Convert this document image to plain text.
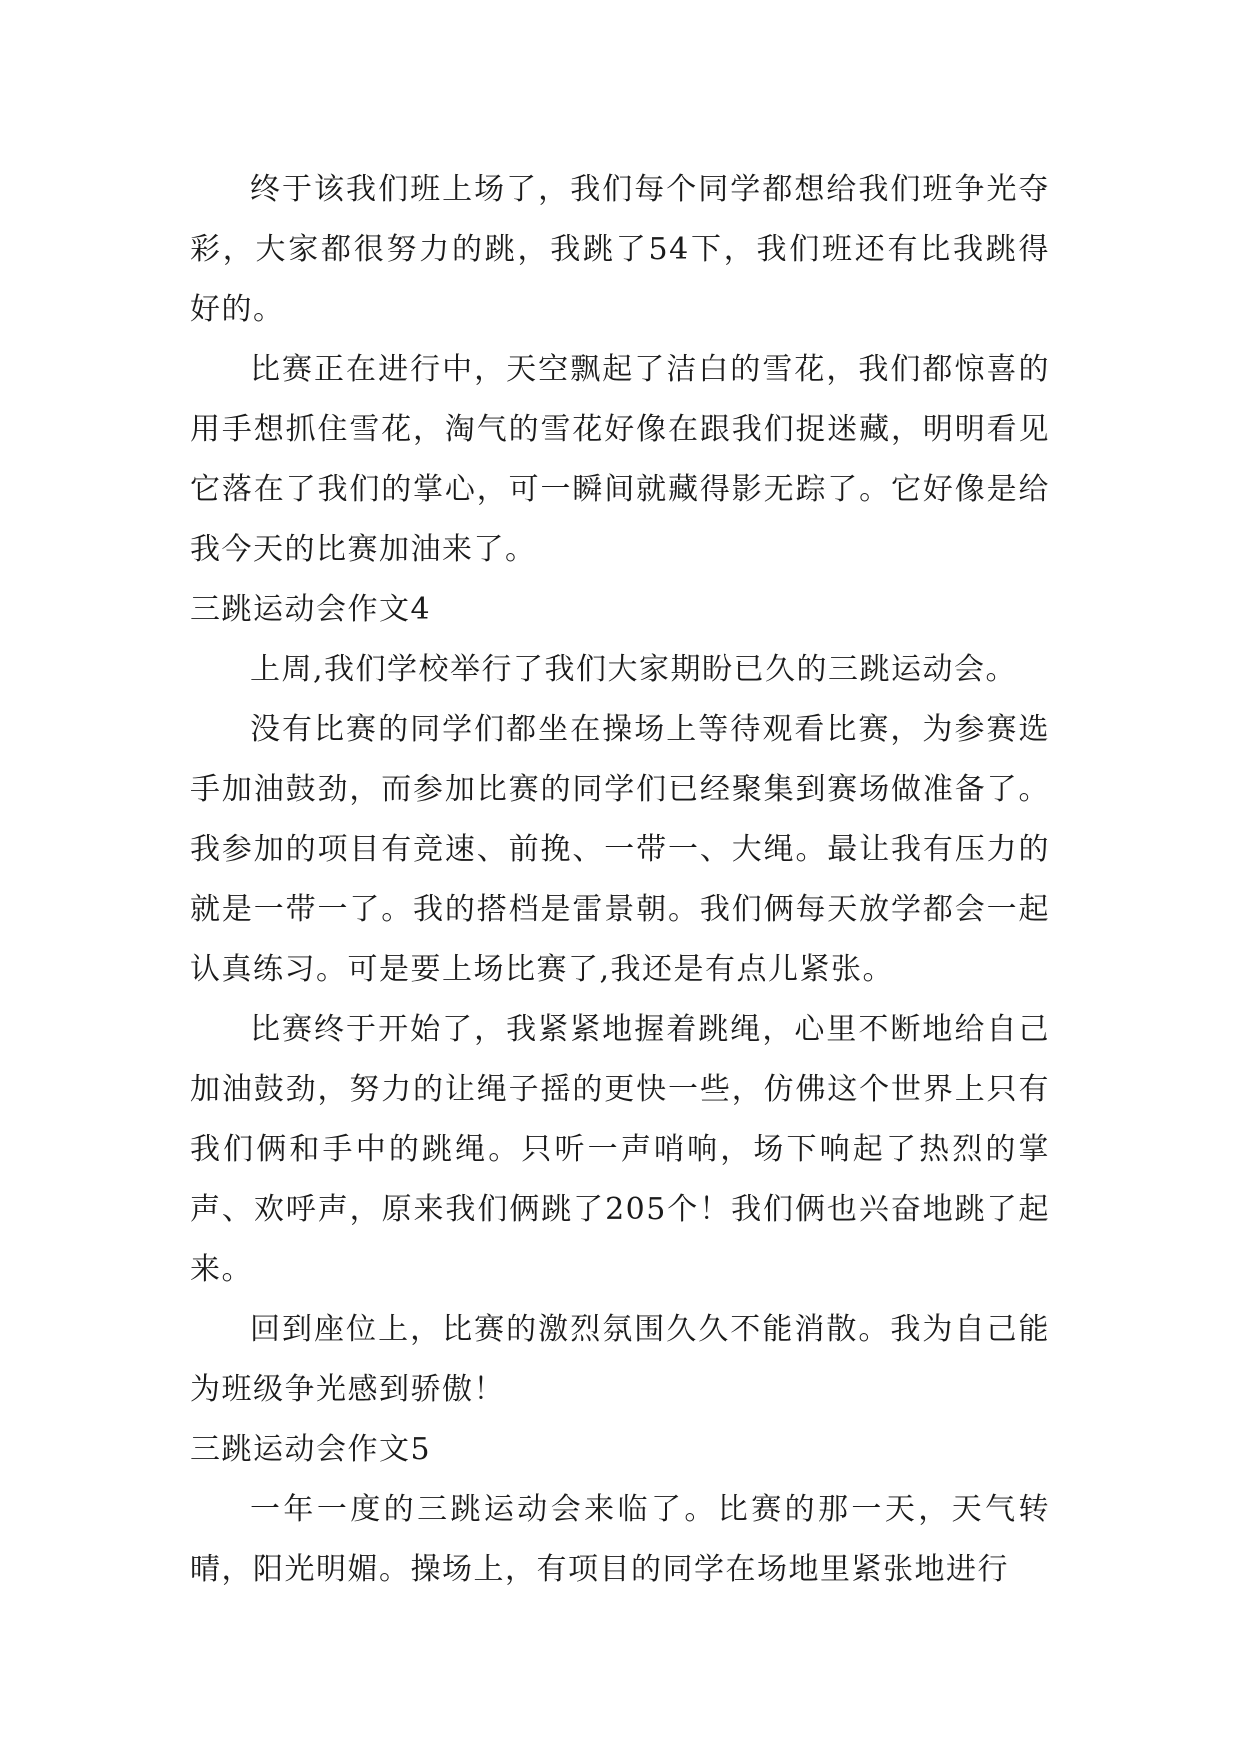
终于该我们班上场了，我们每个同学都想给我们班争光夺彩，大家都很努力的跳，我跳了54下，我们班还有比我跳得好的。

比赛正在进行中，天空飘起了洁白的雪花，我们都惊喜的用手想抓住雪花，淘气的雪花好像在跟我们捉迷藏，明明看见它落在了我们的掌心，可一瞬间就藏得影无踪了。它好像是给我今天的比赛加油来了。

三跳运动会作文4

上周,我们学校举行了我们大家期盼已久的三跳运动会。

没有比赛的同学们都坐在操场上等待观看比赛，为参赛选手加油鼓劲，而参加比赛的同学们已经聚集到赛场做准备了。我参加的项目有竞速、前挽、一带一、大绳。最让我有压力的就是一带一了。我的搭档是雷景朝。我们俩每天放学都会一起认真练习。可是要上场比赛了,我还是有点儿紧张。

比赛终于开始了，我紧紧地握着跳绳，心里不断地给自己加油鼓劲，努力的让绳子摇的更快一些，仿佛这个世界上只有我们俩和手中的跳绳。只听一声哨响，场下响起了热烈的掌声、欢呼声，原来我们俩跳了205个！我们俩也兴奋地跳了起来。

回到座位上，比赛的激烈氛围久久不能消散。我为自己能为班级争光感到骄傲！

三跳运动会作文5

一年一度的三跳运动会来临了。比赛的那一天，天气转晴，阳光明媚。操场上，有项目的同学在场地里紧张地进行
